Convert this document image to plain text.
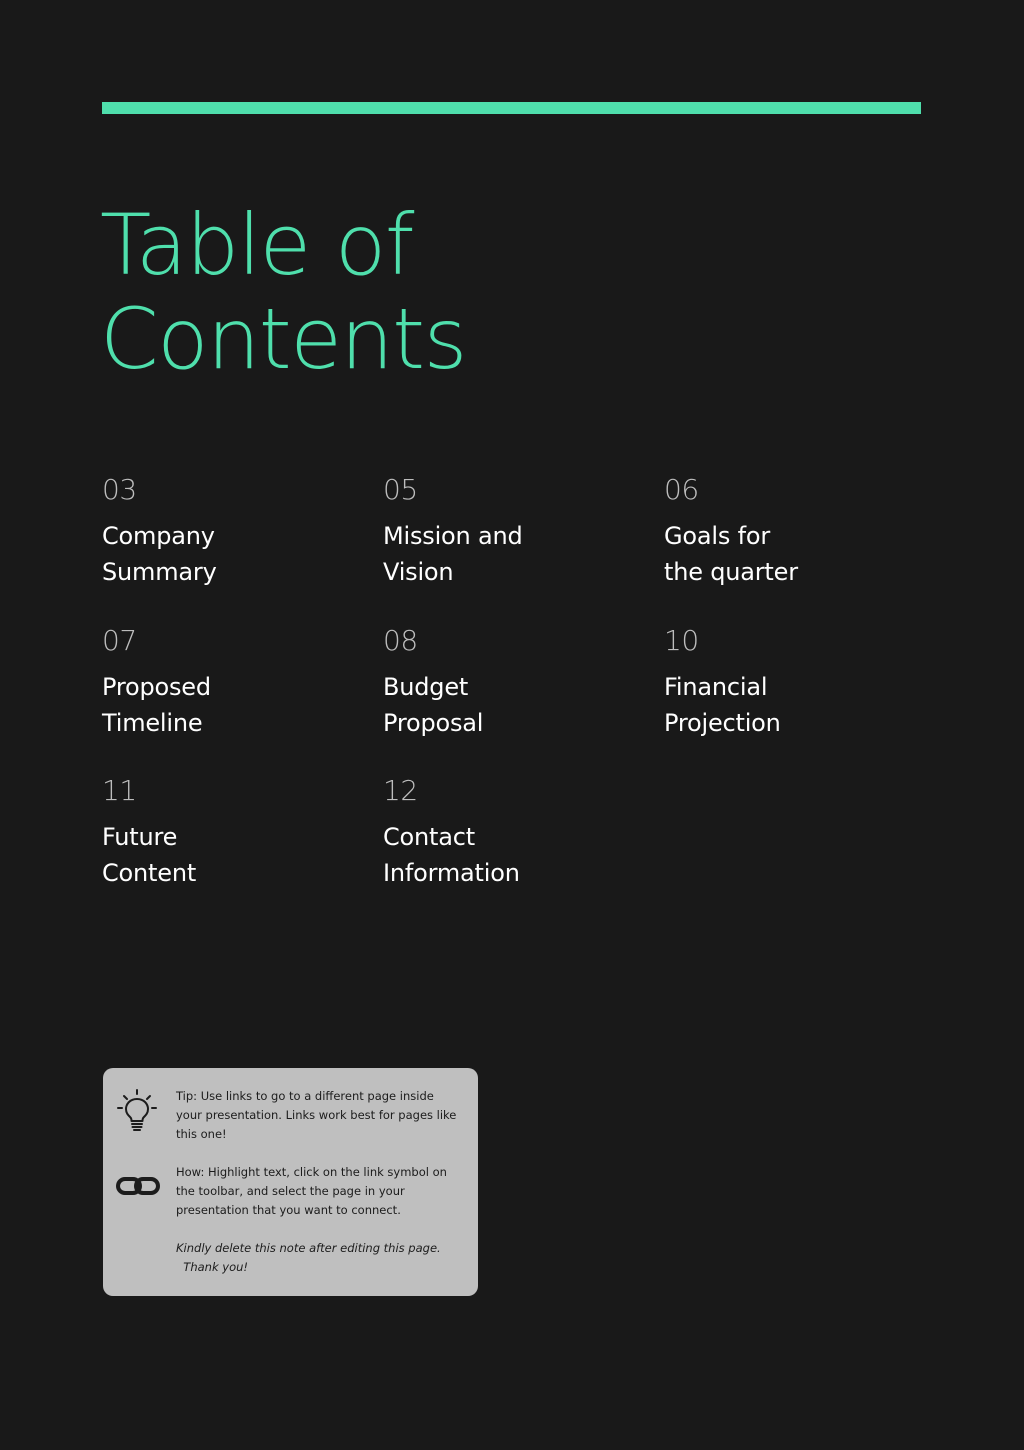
Table of
Contents
03
Company
Summary
05
Mission and
Vision
06
Goals for
the quarter
07
Proposed
Timeline
08
Budget
Proposal
10
Financial
Projection
11
Future
Content
12
Contact
Information
Tip: Use links to go to a different page inside
your presentation. Links work best for pages like
this one!
How: Highlight text, click on the link symbol on
the toolbar, and select the page in your
presentation that you want to connect.
Kindly delete this note after editing this page.
Thank you!
